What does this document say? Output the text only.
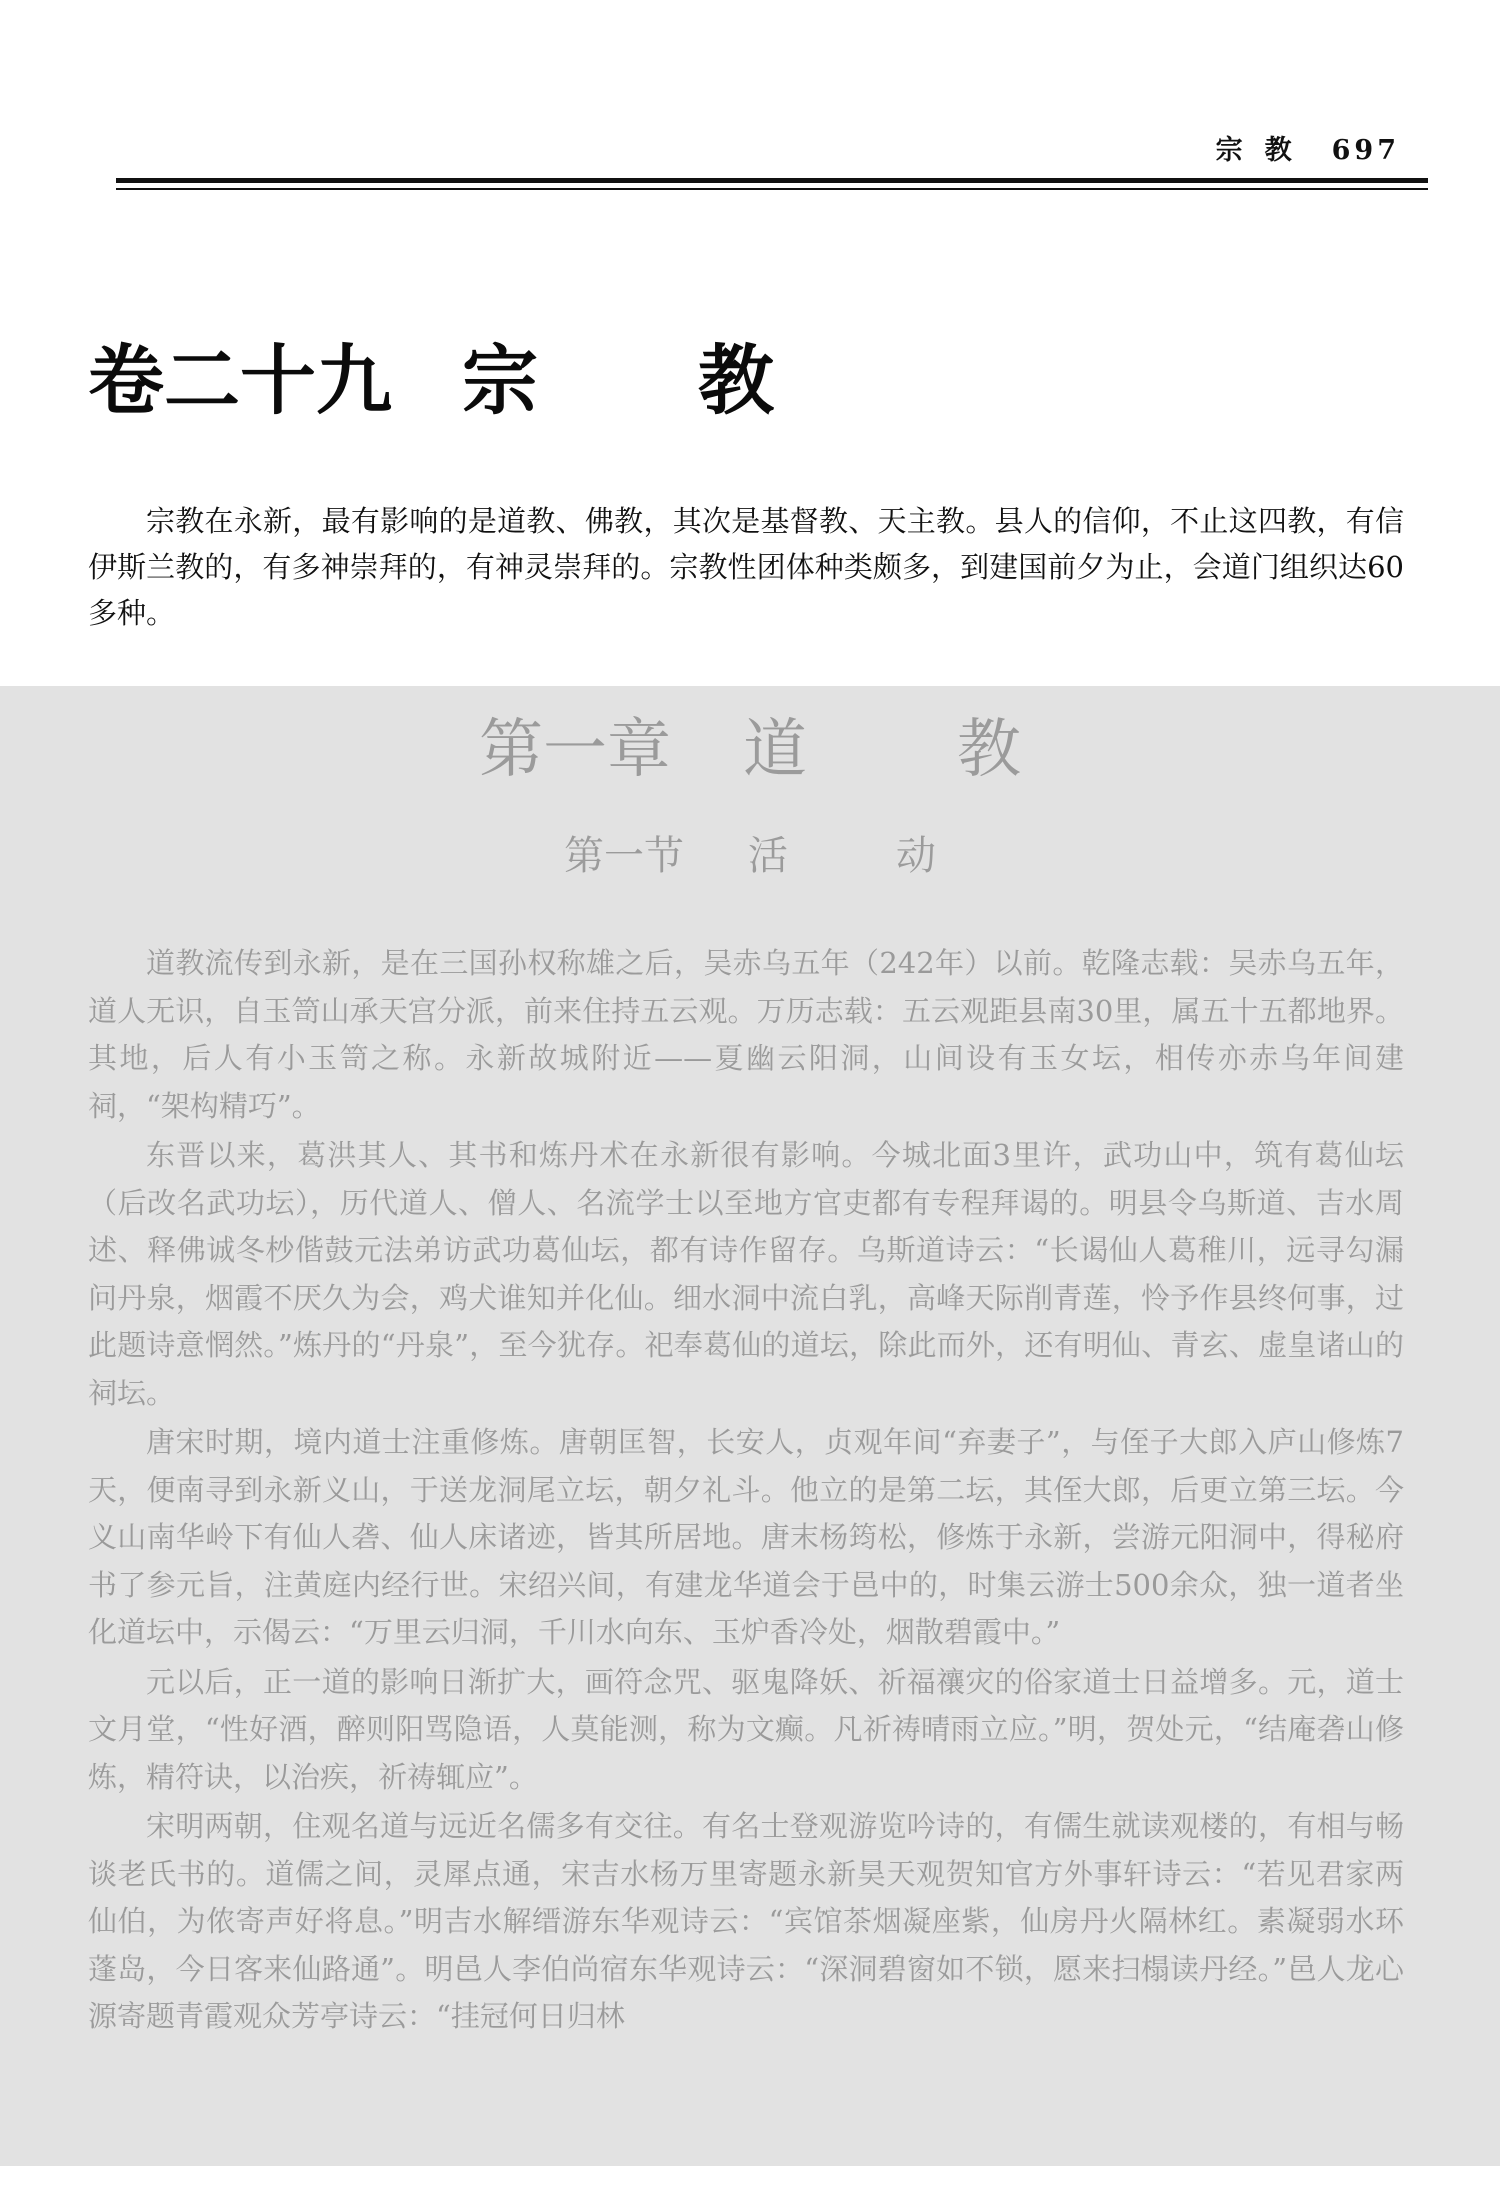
宗教 697
卷二十九 宗 教
宗教在永新，最有影响的是道教、佛教，其次是基督教、天主教。县人的信仰，不止这四教，有信伊斯兰教的，有多神崇拜的，有神灵崇拜的。宗教性团体种类颇多，到建国前夕为止，会道门组织达60多种。
第一章 道 教
第一节 活	动

道教流传到永新，是在三国孙权称雄之后，吴赤乌五年（242年）以前。乾隆志载：吴赤乌五年，道人无识，自玉笥山承天宫分派，前来住持五云观。万历志载：五云观距县南30里，属五十五都地界。其地，后人有小玉笥之称。永新故城附近——夏幽云阳洞，山间设有玉女坛，相传亦赤乌年间建祠，“架构精巧”。

东晋以来，葛洪其人、其书和炼丹术在永新很有影响。今城北面3里许，武功山中，筑有葛仙坛（后改名武功坛），历代道人、僧人、名流学士以至地方官吏都有专程拜谒的。明县令乌斯道、吉水周述、释佛诚冬杪偕鼓元法弟访武功葛仙坛，都有诗作留存。乌斯道诗云：“长谒仙人葛稚川，远寻勾漏问丹泉，烟霞不厌久为会，鸡犬谁知并化仙。细水洞中流白乳，高峰天际削青莲，怜予作县终何事，过此题诗意惘然。”炼丹的“丹泉”，至今犹存。祀奉葛仙的道坛，除此而外，还有明仙、青玄、虚皇诸山的祠坛。

唐宋时期，境内道士注重修炼。唐朝匡智，长安人，贞观年间“弃妻子”，与侄子大郎入庐山修炼7天，便南寻到永新义山，于送龙洞尾立坛，朝夕礼斗。他立的是第二坛，其侄大郎，后更立第三坛。今义山南华岭下有仙人砻、仙人床诸迹，皆其所居地。唐末杨筠松，修炼于永新，尝游元阳洞中，得秘府书了参元旨，注黄庭内经行世。宋绍兴间，有建龙华道会于邑中的，时集云游士500余众，独一道者坐化道坛中，示偈云：“万里云归洞，千川水向东、玉炉香冷处，烟散碧霞中。”

元以后，正一道的影响日渐扩大，画符念咒、驱鬼降妖、祈福禳灾的俗家道士日益增多。元，道士文月堂，“性好酒，醉则阳骂隐语，人莫能测，称为文癫。凡祈祷晴雨立应。”明，贺处元，“结庵砻山修炼，精符诀，以治疾，祈祷辄应”。

宋明两朝，住观名道与远近名儒多有交往。有名士登观游览吟诗的，有儒生就读观楼的，有相与畅谈老氏书的。道儒之间，灵犀点通，宋吉水杨万里寄题永新昊天观贺知官方外事轩诗云：“若见君家两仙伯，为侬寄声好将息。”明吉水解缙游东华观诗云：“宾馆茶烟凝座紫，仙房丹火隔林红。素凝弱水环蓬岛，今日客来仙路通”。明邑人李伯尚宿东华观诗云：“深洞碧窗如不锁，愿来扫榻读丹经。”邑人龙心源寄题青霞观众芳亭诗云：“挂冠何日归林
